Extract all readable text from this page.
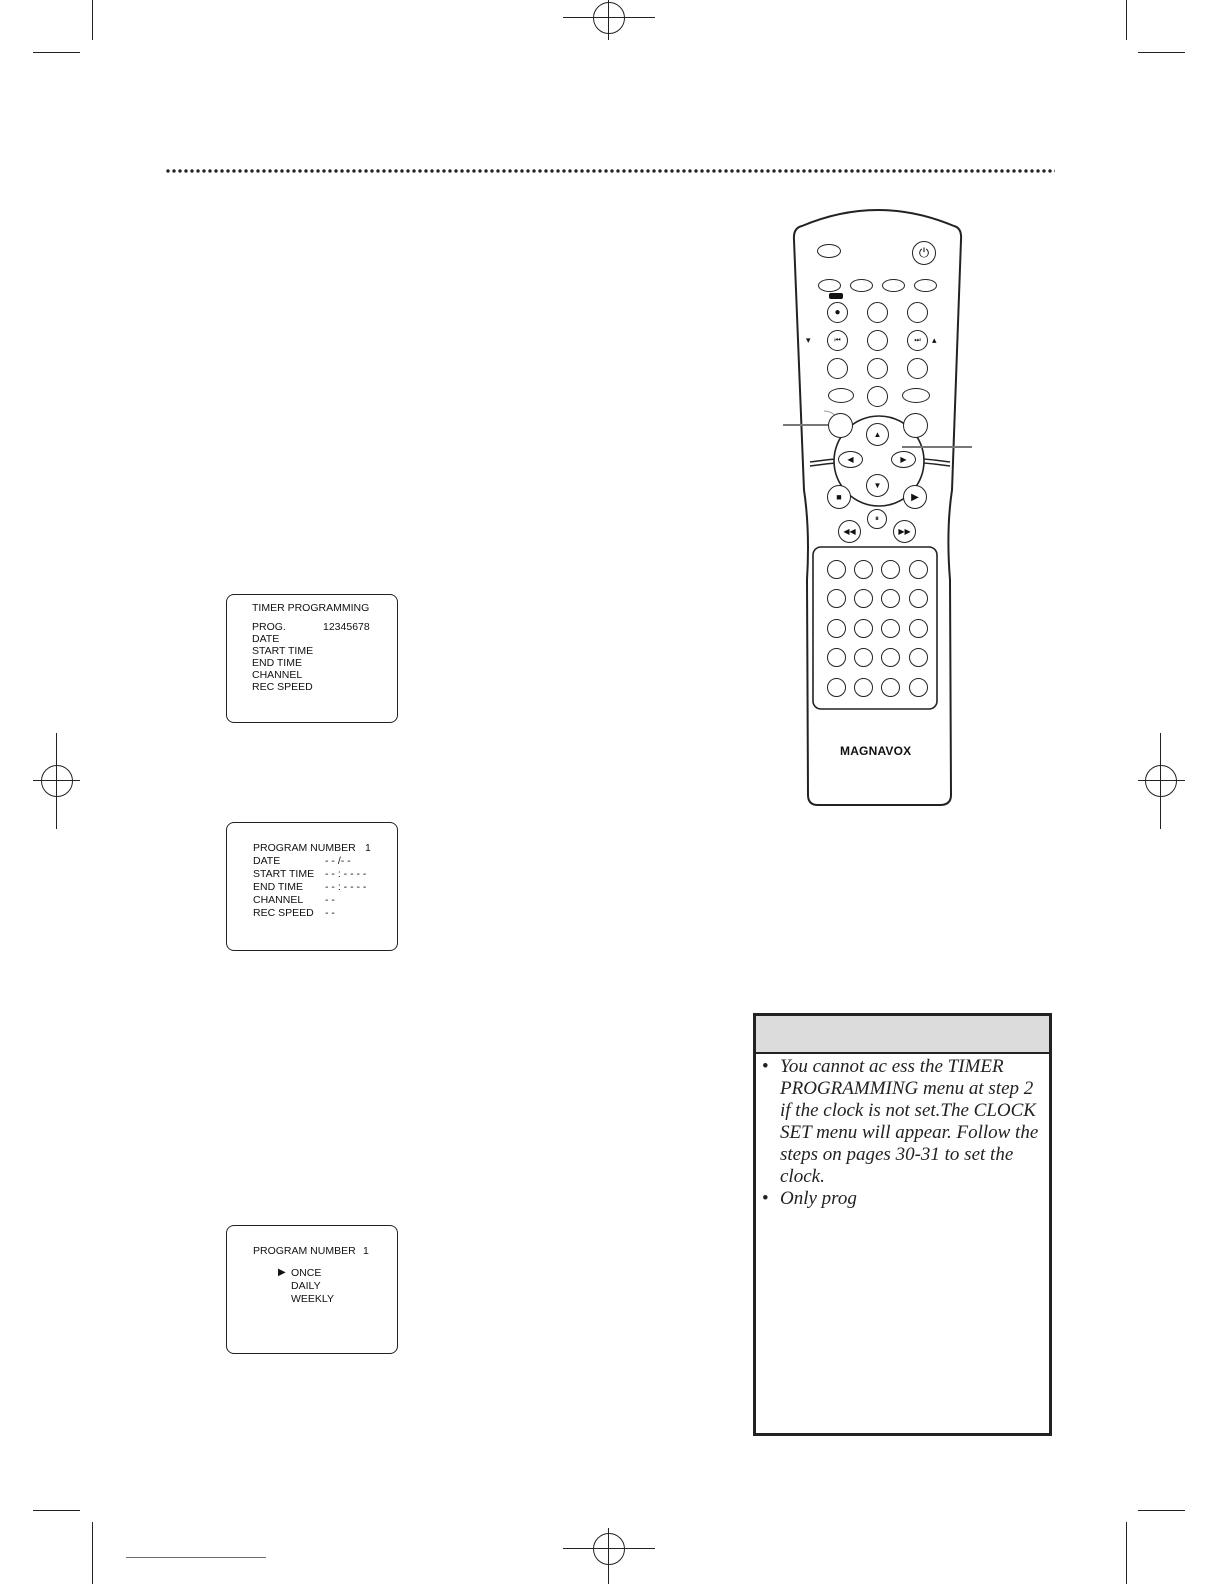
TIMER PROGRAMMING
PROG.	12345678
DATE
START TIME
END TIME
CHANNEL
REC SPEED
PROGRAM NUMBER 1
DATE	- - /- -
START TIME - - : - - - -
END TIME - - : - - - -
CHANNEL - -
REC SPEED - -
PROGRAM NUMBER 1
▶ ONCE
DAILY
WEEKLY
⏻
●
▾	⏮	⏭	▴
▲
◀	▶
▼
■	▶
⏸
◀◀	▶▶
MAGNAVOX
• You cannot ac ess the TIMER PROGRAMMING menu at step 2 if the clock is not set.The CLOCK SET menu will appear. Follow the steps on pages 30-31 to set the clock.
• Only prog
